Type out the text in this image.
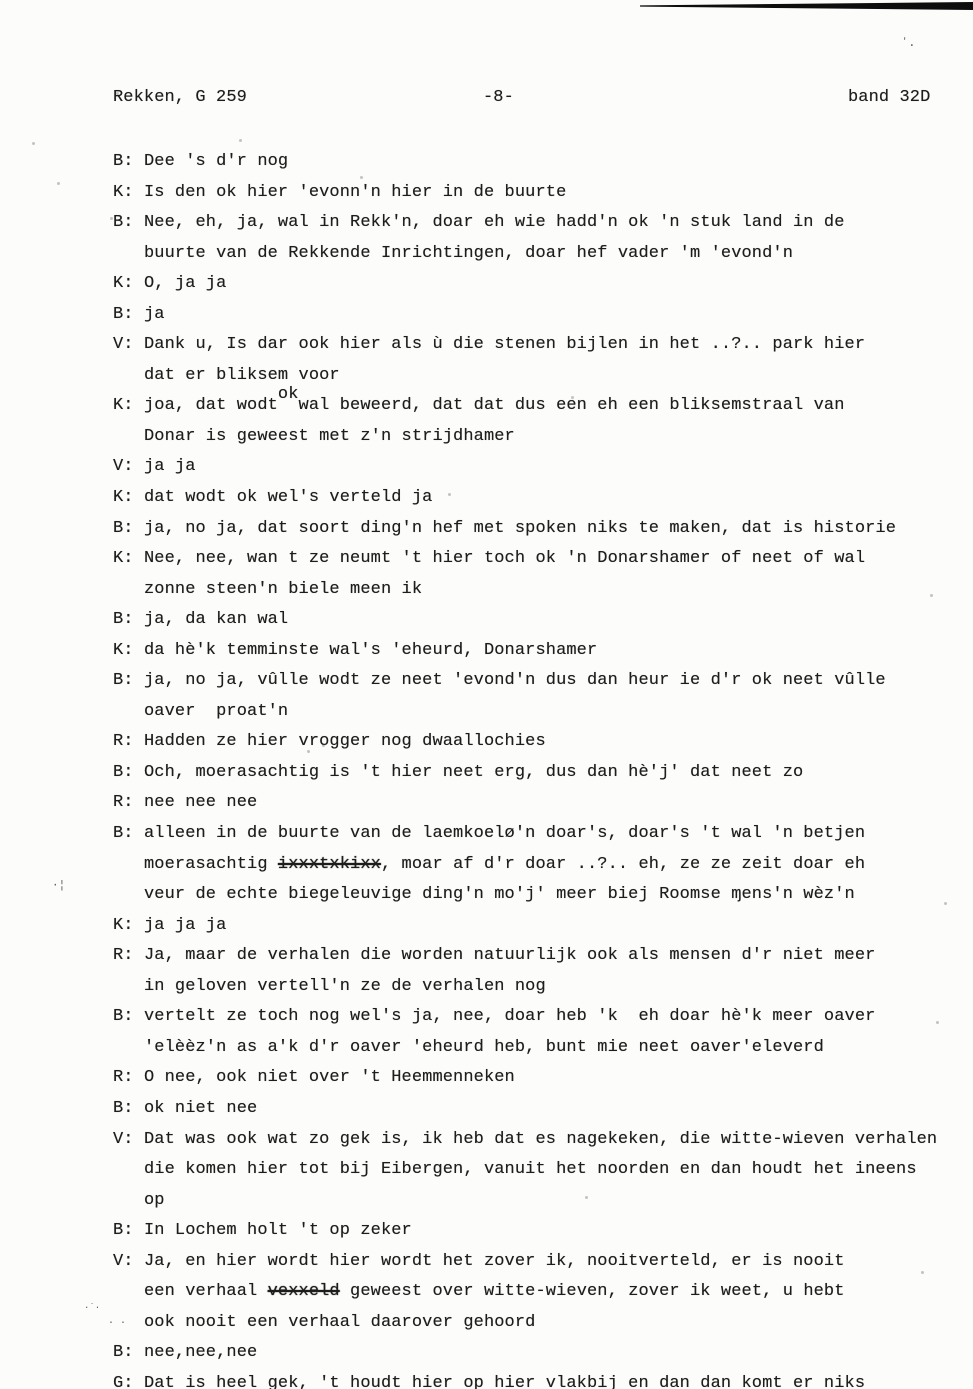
Rekken, G 259	-8-	band 32D
ʼ.
·¦
·˙·
. .
B: Dee 's d'r nog
K: Is den ok hier 'evonn'n hier in de buurte
B: Nee, eh, ja, wal in Rekk'n, doar eh wie hadd'n ok 'n stuk land in de
buurte van de Rekkende Inrichtingen, doar hef vader 'm 'evond'n
K: O, ja ja
B: ja
V: Dank u, Is dar ook hier als ù die stenen bijlen in het ..?.. park hier
dat er bliksem voor
K: joa, dat wodtokwal beweerd, dat dat dus een eh een bliksemstraal van
Donar is geweest met z'n strijdhamer
V: ja ja
K: dat wodt ok wel's verteld ja
B: ja, no ja, dat soort ding'n hef met spoken niks te maken, dat is historie
K: Nee, nee, wan t ze neumt 't hier toch ok 'n Donarshamer of neet of wal
zonne steen'n biele meen ik
B: ja, da kan wal
K: da hè'k temminste wal's 'eheurd, Donarshamer
B: ja, no ja, vûlle wodt ze neet 'evond'n dus dan heur ie d'r ok neet vûlle
oaver  proat'n
R: Hadden ze hier vrogger nog dwaallochies
B: Och, moerasachtig is 't hier neet erg, dus dan hè'j' dat neet zo
R: nee nee nee
B: alleen in de buurte van de laemkoelø'n doar's, doar's 't wal 'n betjen
moerasachtig ixxxtxkixx, moar af d'r doar ..?.. eh, ze ze zeit doar eh
veur de echte biegeleuvige ding'n mo'j' meer biej Roomse ɱens'n wèz'n
K: ja ja ja
R: Ja, maar de verhalen die worden natuurlijk ook als mensen d'r niet meer
in geloven vertell'n ze de verhalen nog
B: vertelt ze toch nog wel's ja, nee, doar heb 'k  eh doar hè'k meer oaver
'elèèz'n as a'k d'r oaver 'eheurd heb, bunt mie neet oaver'eleverd
R: O nee, ook niet over 't Heemmenneken
B: ok niet nee
V: Dat was ook wat zo gek is, ik heb dat es nagekeken, die witte-wieven verhalen
die komen hier tot bij Eibergen, vanuit het noorden en dan houdt het ineens
op
B: In Lochem holt 't op zeker
V: Ja, en hier wordt hier wordt het zover ik, nooitverteld, er is nooit
een verhaal vexxeld geweest over witte-wieven, zover ik weet, u hebt
ook nooit een verhaal daarover gehoord
B: nee,nee,nee
G: Dat is heel gek, 't houdt hier op hier vlakbij en dan dan komt er niks
